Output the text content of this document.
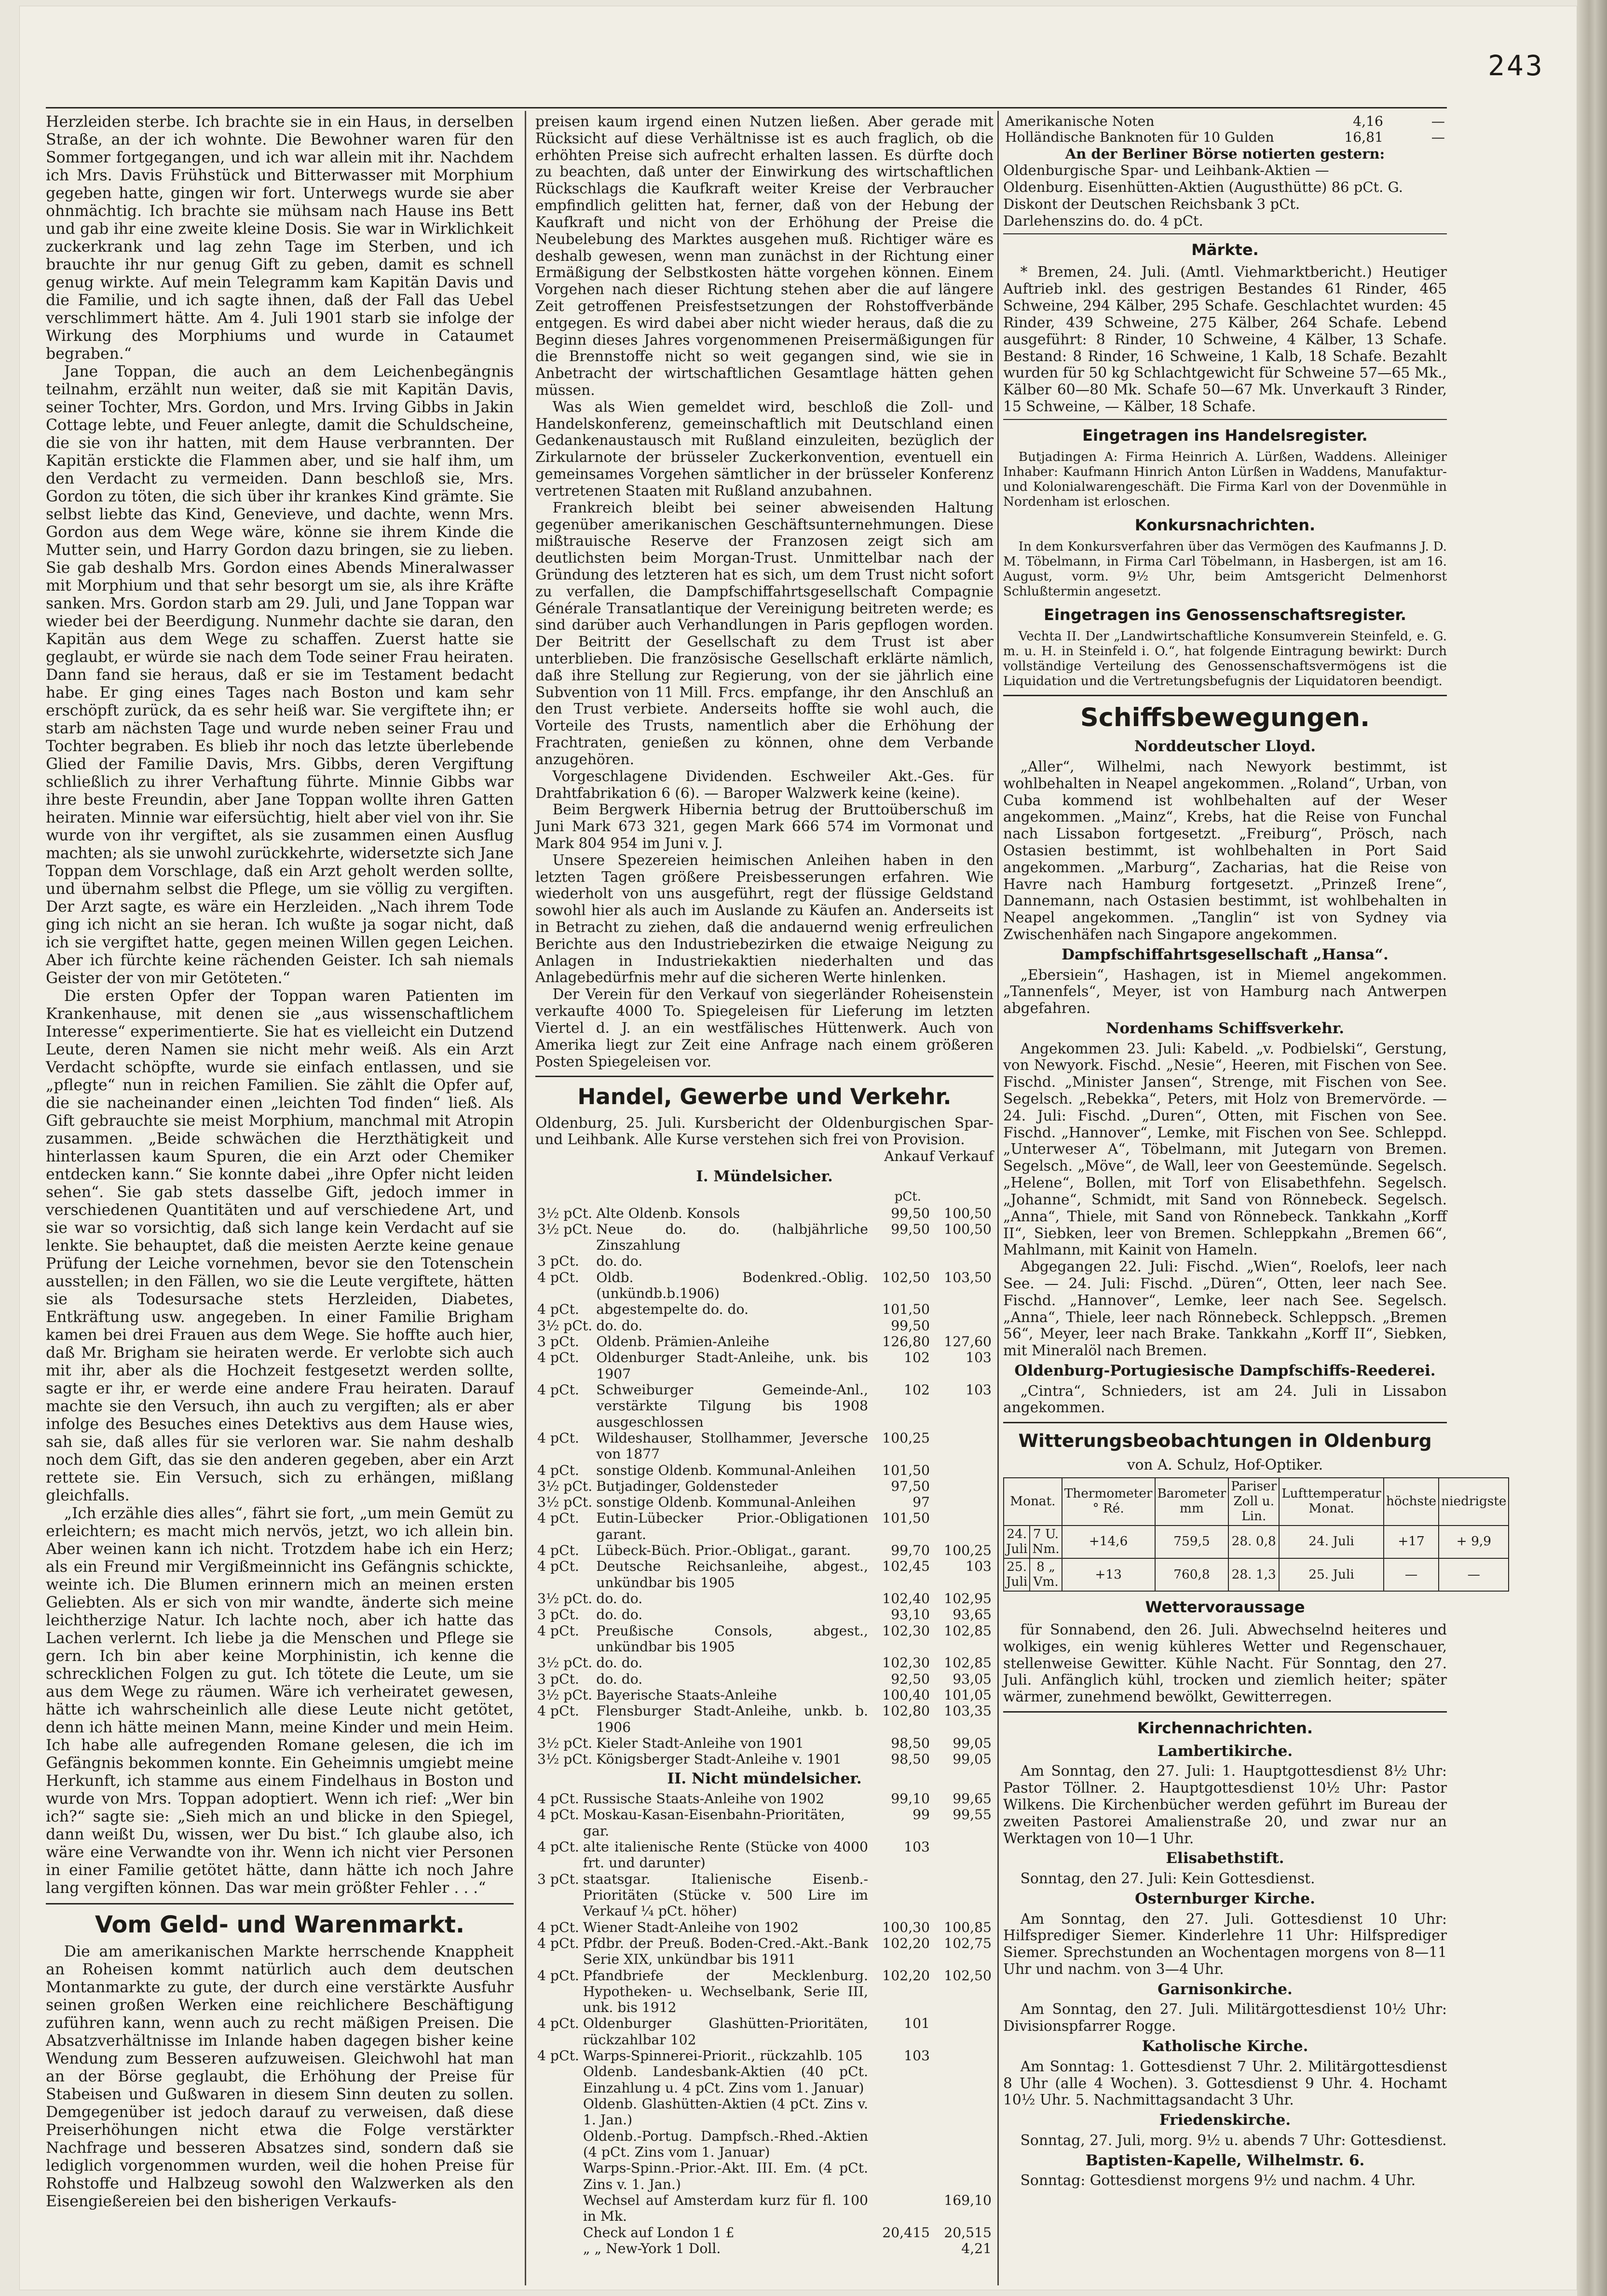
243

Herzleiden sterbe. Ich brachte sie in ein Haus, in derselben Straße, an der ich wohnte. Die Bewohner waren für den Sommer fortgegangen, und ich war allein mit ihr. Nachdem ich Mrs. Davis Frühstück und Bitterwasser mit Morphium gegeben hatte, gingen wir fort. Unterwegs wurde sie aber ohnmächtig. Ich brachte sie mühsam nach Hause ins Bett und gab ihr eine zweite kleine Dosis. Sie war in Wirklichkeit zuckerkrank und lag zehn Tage im Sterben, und ich brauchte ihr nur genug Gift zu geben, damit es schnell genug wirkte. Auf mein Telegramm kam Kapitän Davis und die Familie, und ich sagte ihnen, daß der Fall das Uebel verschlimmert hätte. Am 4. Juli 1901 starb sie infolge der Wirkung des Morphiums und wurde in Cataumet begraben.“

Jane Toppan, die auch an dem Leichenbegängnis teilnahm, erzählt nun weiter, daß sie mit Kapitän Davis, seiner Tochter, Mrs. Gordon, und Mrs. Irving Gibbs in Jakin Cottage lebte, und Feuer anlegte, damit die Schuldscheine, die sie von ihr hatten, mit dem Hause verbrannten. Der Kapitän erstickte die Flammen aber, und sie half ihm, um den Verdacht zu vermeiden. Dann beschloß sie, Mrs. Gordon zu töten, die sich über ihr krankes Kind grämte. Sie selbst liebte das Kind, Genevieve, und dachte, wenn Mrs. Gordon aus dem Wege wäre, könne sie ihrem Kinde die Mutter sein, und Harry Gordon dazu bringen, sie zu lieben. Sie gab deshalb Mrs. Gordon eines Abends Mineralwasser mit Morphium und that sehr besorgt um sie, als ihre Kräfte sanken. Mrs. Gordon starb am 29. Juli, und Jane Toppan war wieder bei der Beerdigung. Nunmehr dachte sie daran, den Kapitän aus dem Wege zu schaffen. Zuerst hatte sie geglaubt, er würde sie nach dem Tode seiner Frau heiraten. Dann fand sie heraus, daß er sie im Testament bedacht habe. Er ging eines Tages nach Boston und kam sehr erschöpft zurück, da es sehr heiß war. Sie vergiftete ihn; er starb am nächsten Tage und wurde neben seiner Frau und Tochter begraben. Es blieb ihr noch das letzte überlebende Glied der Familie Davis, Mrs. Gibbs, deren Vergiftung schließlich zu ihrer Verhaftung führte. Minnie Gibbs war ihre beste Freundin, aber Jane Toppan wollte ihren Gatten heiraten. Minnie war eifersüchtig, hielt aber viel von ihr. Sie wurde von ihr vergiftet, als sie zusammen einen Ausflug machten; als sie unwohl zurückkehrte, widersetzte sich Jane Toppan dem Vorschlage, daß ein Arzt geholt werden sollte, und übernahm selbst die Pflege, um sie völlig zu vergiften. Der Arzt sagte, es wäre ein Herzleiden. „Nach ihrem Tode ging ich nicht an sie heran. Ich wußte ja sogar nicht, daß ich sie vergiftet hatte, gegen meinen Willen gegen Leichen. Aber ich fürchte keine rächenden Geister. Ich sah niemals Geister der von mir Getöteten.“

Die ersten Opfer der Toppan waren Patienten im Krankenhause, mit denen sie „aus wissenschaftlichem Interesse“ experimentierte. Sie hat es vielleicht ein Dutzend Leute, deren Namen sie nicht mehr weiß. Als ein Arzt Verdacht schöpfte, wurde sie einfach entlassen, und sie „pflegte“ nun in reichen Familien. Sie zählt die Opfer auf, die sie nacheinander einen „leichten Tod finden“ ließ. Als Gift gebrauchte sie meist Morphium, manchmal mit Atropin zusammen. „Beide schwächen die Herzthätigkeit und hinterlassen kaum Spuren, die ein Arzt oder Chemiker entdecken kann.“ Sie konnte dabei „ihre Opfer nicht leiden sehen“. Sie gab stets dasselbe Gift, jedoch immer in verschiedenen Quantitäten und auf verschiedene Art, und sie war so vorsichtig, daß sich lange kein Verdacht auf sie lenkte. Sie behauptet, daß die meisten Aerzte keine genaue Prüfung der Leiche vornehmen, bevor sie den Totenschein ausstellen; in den Fällen, wo sie die Leute vergiftete, hätten sie als Todesursache stets Herzleiden, Diabetes, Entkräftung usw. angegeben. In einer Familie Brigham kamen bei drei Frauen aus dem Wege. Sie hoffte auch hier, daß Mr. Brigham sie heiraten werde. Er verlobte sich auch mit ihr, aber als die Hochzeit festgesetzt werden sollte, sagte er ihr, er werde eine andere Frau heiraten. Darauf machte sie den Versuch, ihn auch zu vergiften; als er aber infolge des Besuches eines Detektivs aus dem Hause wies, sah sie, daß alles für sie verloren war. Sie nahm deshalb noch dem Gift, das sie den anderen gegeben, aber ein Arzt rettete sie. Ein Versuch, sich zu erhängen, mißlang gleichfalls.

„Ich erzähle dies alles“, fährt sie fort, „um mein Gemüt zu erleichtern; es macht mich nervös, jetzt, wo ich allein bin. Aber weinen kann ich nicht. Trotzdem habe ich ein Herz; als ein Freund mir Vergißmeinnicht ins Gefängnis schickte, weinte ich. Die Blumen erinnern mich an meinen ersten Geliebten. Als er sich von mir wandte, änderte sich meine leichtherzige Natur. Ich lachte noch, aber ich hatte das Lachen verlernt. Ich liebe ja die Menschen und Pflege sie gern. Ich bin aber keine Morphinistin, ich kenne die schrecklichen Folgen zu gut. Ich tötete die Leute, um sie aus dem Wege zu räumen. Wäre ich verheiratet gewesen, hätte ich wahrscheinlich alle diese Leute nicht getötet, denn ich hätte meinen Mann, meine Kinder und mein Heim. Ich habe alle aufregenden Romane gelesen, die ich im Gefängnis bekommen konnte. Ein Geheimnis umgiebt meine Herkunft, ich stamme aus einem Findelhaus in Boston und wurde von Mrs. Toppan adoptiert. Wenn ich rief: „Wer bin ich?“ sagte sie: „Sieh mich an und blicke in den Spiegel, dann weißt Du, wissen, wer Du bist.“ Ich glaube also, ich wäre eine Verwandte von ihr. Wenn ich nicht vier Personen in einer Familie getötet hätte, dann hätte ich noch Jahre lang vergiften können. Das war mein größter Fehler . . .“

Vom Geld- und Warenmarkt.

Die am amerikanischen Markte herrschende Knappheit an Roheisen kommt natürlich auch dem deutschen Montanmarkte zu gute, der durch eine verstärkte Ausfuhr seinen großen Werken eine reichlichere Beschäftigung zuführen kann, wenn auch zu recht mäßigen Preisen. Die Absatzverhältnisse im Inlande haben dagegen bisher keine Wendung zum Besseren aufzuweisen. Gleichwohl hat man an der Börse geglaubt, die Erhöhung der Preise für Stabeisen und Gußwaren in diesem Sinn deuten zu sollen. Demgegenüber ist jedoch darauf zu verweisen, daß diese Preiserhöhungen nicht etwa die Folge verstärkter Nachfrage und besseren Absatzes sind, sondern daß sie lediglich vorgenommen wurden, weil die hohen Preise für Rohstoffe und Halbzeug sowohl den Walzwerken als den Eisengießereien bei den bisherigen Verkaufs-

preisen kaum irgend einen Nutzen ließen. Aber gerade mit Rücksicht auf diese Verhältnisse ist es auch fraglich, ob die erhöhten Preise sich aufrecht erhalten lassen. Es dürfte doch zu beachten, daß unter der Einwirkung des wirtschaftlichen Rückschlags die Kaufkraft weiter Kreise der Verbraucher empfindlich gelitten hat, ferner, daß von der Hebung der Kaufkraft und nicht von der Erhöhung der Preise die Neubelebung des Marktes ausgehen muß. Richtiger wäre es deshalb gewesen, wenn man zunächst in der Richtung einer Ermäßigung der Selbstkosten hätte vorgehen können. Einem Vorgehen nach dieser Richtung stehen aber die auf längere Zeit getroffenen Preisfestsetzungen der Rohstoffverbände entgegen. Es wird dabei aber nicht wieder heraus, daß die zu Beginn dieses Jahres vorgenommenen Preisermäßigungen für die Brennstoffe nicht so weit gegangen sind, wie sie in Anbetracht der wirtschaftlichen Gesamtlage hätten gehen müssen.

Was als Wien gemeldet wird, beschloß die Zoll- und Handelskonferenz, gemeinschaftlich mit Deutschland einen Gedankenaustausch mit Rußland einzuleiten, bezüglich der Zirkularnote der brüsseler Zuckerkonvention, eventuell ein gemeinsames Vorgehen sämtlicher in der brüsseler Konferenz vertretenen Staaten mit Rußland anzubahnen.

Frankreich bleibt bei seiner abweisenden Haltung gegenüber amerikanischen Geschäftsunternehmungen. Diese mißtrauische Reserve der Franzosen zeigt sich am deutlichsten beim Morgan-Trust. Unmittelbar nach der Gründung des letzteren hat es sich, um dem Trust nicht sofort zu verfallen, die Dampfschiffahrtsgesellschaft Compagnie Générale Transatlantique der Vereinigung beitreten werde; es sind darüber auch Verhandlungen in Paris gepflogen worden. Der Beitritt der Gesellschaft zu dem Trust ist aber unterblieben. Die französische Gesellschaft erklärte nämlich, daß ihre Stellung zur Regierung, von der sie jährlich eine Subvention von 11 Mill. Frcs. empfange, ihr den Anschluß an den Trust verbiete. Anderseits hoffte sie wohl auch, die Vorteile des Trusts, namentlich aber die Erhöhung der Frachtraten, genießen zu können, ohne dem Verbande anzugehören.

Vorgeschlagene Dividenden. Eschweiler Akt.-Ges. für Drahtfabrikation 6 (6). — Baroper Walzwerk keine (keine).

Beim Bergwerk Hibernia betrug der Bruttoüberschuß im Juni Mark 673 321, gegen Mark 666 574 im Vormonat und Mark 804 954 im Juni v. J.

Unsere Spezereien heimischen Anleihen haben in den letzten Tagen größere Preisbesserungen erfahren. Wie wiederholt von uns ausgeführt, regt der flüssige Geldstand sowohl hier als auch im Auslande zu Käufen an. Anderseits ist in Betracht zu ziehen, daß die andauernd wenig erfreulichen Berichte aus den Industriebezirken die etwaige Neigung zu Anlagen in Industriekaktien niederhalten und das Anlagebedürfnis mehr auf die sicheren Werte hinlenken.

Der Verein für den Verkauf von siegerländer Roheisenstein verkaufte 4000 To. Spiegeleisen für Lieferung im letzten Viertel d. J. an ein westfälisches Hüttenwerk. Auch von Amerika liegt zur Zeit eine Anfrage nach einem größeren Posten Spiegeleisen vor.

Handel, Gewerbe und Verkehr.

Oldenburg, 25. Juli. Kursbericht der Oldenburgischen Spar- und Leihbank. Alle Kurse verstehen sich frei von Provision.

Ankauf Verkauf
I. Mündelsicher.
pCt.
3½ pCt.	Alte Oldenb. Konsols	99,50	100,50
3½ pCt.	Neue do. do. (halbjährliche Zinszahlung	99,50	100,50
3 pCt.	do. do.		
4 pCt.	Oldb. Bodenkred.-Oblig.(unkündb.b.1906)	102,50	103,50
4 pCt.	abgestempelte do. do.	101,50	
3½ pCt.	do. do.	99,50	
3 pCt.	Oldenb. Prämien-Anleihe	126,80	127,60
4 pCt.	Oldenburger Stadt-Anleihe, unk. bis 1907	102	103
4 pCt.	Schweiburger Gemeinde-Anl., verstärkte Tilgung bis 1908 ausgeschlossen	102	103
4 pCt.	Wildeshauser, Stollhammer, Jeversche von 1877	100,25	
4 pCt.	sonstige Oldenb. Kommunal-Anleihen	101,50	
3½ pCt.	Butjadinger, Goldensteder	97,50	
3½ pCt.	sonstige Oldenb. Kommunal-Anleihen	97	
4 pCt.	Eutin-Lübecker Prior.-Obligationen garant.	101,50	
4 pCt.	Lübeck-Büch. Prior.-Obligat., garant.	99,70	100,25
4 pCt.	Deutsche Reichsanleihe, abgest., unkündbar bis 1905	102,45	103
3½ pCt.	do. do.	102,40	102,95
3 pCt.	do. do.	93,10	93,65
4 pCt.	Preußische Consols, abgest., unkündbar bis 1905	102,30	102,85
3½ pCt.	do. do.	102,30	102,85
3 pCt.	do. do.	92,50	93,05
3½ pCt.	Bayerische Staats-Anleihe	100,40	101,05
4 pCt.	Flensburger Stadt-Anleihe, unkb. b. 1906	102,80	103,35
3½ pCt.	Kieler Stadt-Anleihe von 1901	98,50	99,05
3½ pCt.	Königsberger Stadt-Anleihe v. 1901	98,50	99,05
II. Nicht mündelsicher.
4 pCt.	Russische Staats-Anleihe von 1902	99,10	99,65
4 pCt.	Moskau-Kasan-Eisenbahn-Prioritäten, gar.	99	99,55
4 pCt.	alte italienische Rente (Stücke von 4000 frt. und darunter)	103	
3 pCt.	staatsgar. Italienische Eisenb.-Prioritäten (Stücke v. 500 Lire im Verkauf ¼ pCt. höher)		
4 pCt.	Wiener Stadt-Anleihe von 1902	100,30	100,85
4 pCt.	Pfdbr. der Preuß. Boden-Cred.-Akt.-Bank Serie XIX, unkündbar bis 1911	102,20	102,75
4 pCt.	Pfandbriefe der Mecklenburg. Hypotheken- u. Wechselbank, Serie III, unk. bis 1912	102,20	102,50
4 pCt.	Oldenburger Glashütten-Prioritäten, rückzahlbar 102	101	
4 pCt.	Warps-Spinnerei-Priorit., rückzahlb. 105	103	
	Oldenb. Landesbank-Aktien (40 pCt. Einzahlung u. 4 pCt. Zins vom 1. Januar)		
	Oldenb. Glashütten-Aktien (4 pCt. Zins v. 1. Jan.)		
	Oldenb.-Portug. Dampfsch.-Rhed.-Aktien (4 pCt. Zins vom 1. Januar)		
	Warps-Spinn.-Prior.-Akt. III. Em. (4 pCt. Zins v. 1. Jan.)		
	Wechsel auf Amsterdam kurz für fl. 100 in Mk.		169,10
	Check auf London 1 £	20,415	20,515
	„ „ New-York 1 Doll.		4,21
Amerikanische Noten	4,16	—
Holländische Banknoten für 10 Gulden	16,81	—
An der Berliner Börse notierten gestern:
Oldenburgische Spar- und Leihbank-Aktien —
Oldenburg. Eisenhütten-Aktien (Augusthütte) 86 pCt. G.
Diskont der Deutschen Reichsbank 3 pCt.
Darlehenszins do. do. 4 pCt.
Märkte.

* Bremen, 24. Juli. (Amtl. Viehmarktbericht.) Heutiger Auftrieb inkl. des gestrigen Bestandes 61 Rinder, 465 Schweine, 294 Kälber, 295 Schafe. Geschlachtet wurden: 45 Rinder, 439 Schweine, 275 Kälber, 264 Schafe. Lebend ausgeführt: 8 Rinder, 10 Schweine, 4 Kälber, 13 Schafe. Bestand: 8 Rinder, 16 Schweine, 1 Kalb, 18 Schafe. Bezahlt wurden für 50 kg Schlachtgewicht für Schweine 57—65 Mk., Kälber 60—80 Mk. Schafe 50—67 Mk. Unverkauft 3 Rinder, 15 Schweine, — Kälber, 18 Schafe.

Eingetragen ins Handelsregister.

Butjadingen A: Firma Heinrich A. Lürßen, Waddens. Alleiniger Inhaber: Kaufmann Hinrich Anton Lürßen in Waddens, Manufaktur- und Kolonialwarengeschäft. Die Firma Karl von der Dovenmühle in Nordenham ist erloschen.

Konkursnachrichten.

In dem Konkursverfahren über das Vermögen des Kaufmanns J. D. M. Töbelmann, in Firma Carl Töbelmann, in Hasbergen, ist am 16. August, vorm. 9½ Uhr, beim Amtsgericht Delmenhorst Schlußtermin angesetzt.

Eingetragen ins Genossenschaftsregister.

Vechta II. Der „Landwirtschaftliche Konsumverein Steinfeld, e. G. m. u. H. in Steinfeld i. O.“, hat folgende Eintragung bewirkt: Durch vollständige Verteilung des Genossenschaftsvermögens ist die Liquidation und die Vertretungsbefugnis der Liquidatoren beendigt.

Schiffsbewegungen.
Norddeutscher Lloyd.

„Aller“, Wilhelmi, nach Newyork bestimmt, ist wohlbehalten in Neapel angekommen. „Roland“, Urban, von Cuba kommend ist wohlbehalten auf der Weser angekommen. „Mainz“, Krebs, hat die Reise von Funchal nach Lissabon fortgesetzt. „Freiburg“, Prösch, nach Ostasien bestimmt, ist wohlbehalten in Port Said angekommen. „Marburg“, Zacharias, hat die Reise von Havre nach Hamburg fortgesetzt. „Prinzeß Irene“, Dannemann, nach Ostasien bestimmt, ist wohlbehalten in Neapel angekommen. „Tanglin“ ist von Sydney via Zwischenhäfen nach Singapore angekommen.

Dampfschiffahrtsgesellschaft „Hansa“.

„Ebersiein“, Hashagen, ist in Miemel angekommen. „Tannenfels“, Meyer, ist von Hamburg nach Antwerpen abgefahren.

Nordenhams Schiffsverkehr.

Angekommen 23. Juli: Kabeld. „v. Podbielski“, Gerstung, von Newyork. Fischd. „Nesie“, Heeren, mit Fischen von See. Fischd. „Minister Jansen“, Strenge, mit Fischen von See. Segelsch. „Rebekka“, Peters, mit Holz von Bremervörde. — 24. Juli: Fischd. „Duren“, Otten, mit Fischen von See. Fischd. „Hannover“, Lemke, mit Fischen von See. Schleppd. „Unterweser A“, Töbelmann, mit Jutegarn von Bremen. Segelsch. „Möve“, de Wall, leer von Geestemünde. Segelsch. „Helene“, Bollen, mit Torf von Elisabethfehn. Segelsch. „Johanne“, Schmidt, mit Sand von Rönnebeck. Segelsch. „Anna“, Thiele, mit Sand von Rönnebeck. Tankkahn „Korff II“, Siebken, leer von Bremen. Schleppkahn „Bremen 66“, Mahlmann, mit Kainit von Hameln.

Abgegangen 22. Juli: Fischd. „Wien“, Roelofs, leer nach See. — 24. Juli: Fischd. „Düren“, Otten, leer nach See. Fischd. „Hannover“, Lemke, leer nach See. Segelsch. „Anna“, Thiele, leer nach Rönnebeck. Schleppsch. „Bremen 56“, Meyer, leer nach Brake. Tankkahn „Korff II“, Siebken, mit Mineralöl nach Bremen.

Oldenburg-Portugiesische Dampfschiffs-Reederei.

„Cintra“, Schnieders, ist am 24. Juli in Lissabon angekommen.

Witterungsbeobachtungen in Oldenburg
von A. Schulz, Hof-Optiker.
Monat.		Thermometer ° Ré.	Barometer mm	Pariser Zoll u. Lin.	Lufttemperatur Monat.	höchste	niedrigste
24. Juli	7 U. Nm.	+14,6	759,5	28. 0,8	24. Juli	+17	+ 9,9
25. Juli	8 „ Vm.	+13	760,8	28. 1,3	25. Juli	—	—
Wettervoraussage

für Sonnabend, den 26. Juli. Abwechselnd heiteres und wolkiges, ein wenig kühleres Wetter und Regenschauer, stellenweise Gewitter. Kühle Nacht. Für Sonntag, den 27. Juli. Anfänglich kühl, trocken und ziemlich heiter; später wärmer, zunehmend bewölkt, Gewitterregen.

Kirchennachrichten.
Lambertikirche.

Am Sonntag, den 27. Juli: 1. Hauptgottesdienst 8½ Uhr: Pastor Töllner. 2. Hauptgottesdienst 10½ Uhr: Pastor Wilkens. Die Kirchenbücher werden geführt im Bureau der zweiten Pastorei Amalienstraße 20, und zwar nur an Werktagen von 10—1 Uhr.

Elisabethstift.

Sonntag, den 27. Juli: Kein Gottesdienst.

Osternburger Kirche.

Am Sonntag, den 27. Juli. Gottesdienst 10 Uhr: Hilfsprediger Siemer. Kinderlehre 11 Uhr: Hilfsprediger Siemer. Sprechstunden an Wochentagen morgens von 8—11 Uhr und nachm. von 3—4 Uhr.

Garnisonkirche.

Am Sonntag, den 27. Juli. Militärgottesdienst 10½ Uhr: Divisionspfarrer Rogge.

Katholische Kirche.

Am Sonntag: 1. Gottesdienst 7 Uhr. 2. Militärgottesdienst 8 Uhr (alle 4 Wochen). 3. Gottesdienst 9 Uhr. 4. Hochamt 10½ Uhr. 5. Nachmittagsandacht 3 Uhr.

Friedenskirche.

Sonntag, 27. Juli, morg. 9½ u. abends 7 Uhr: Gottesdienst.

Baptisten-Kapelle, Wilhelmstr. 6.

Sonntag: Gottesdienst morgens 9½ und nachm. 4 Uhr.
